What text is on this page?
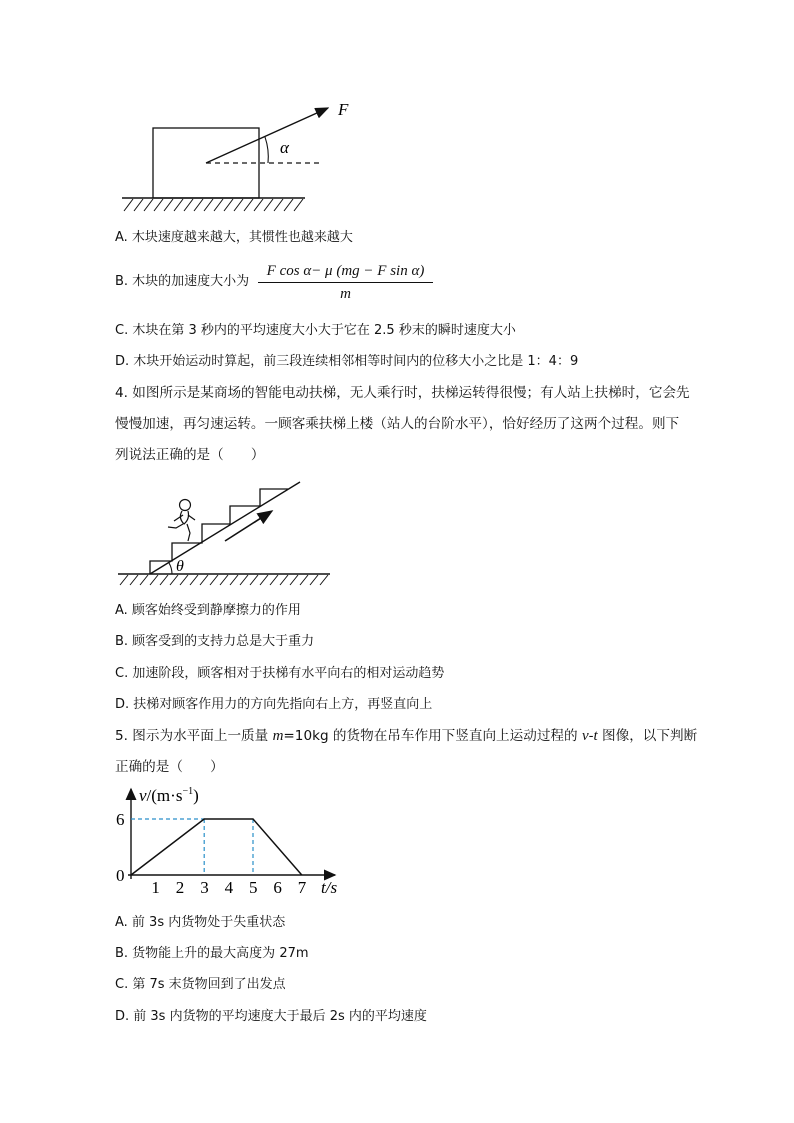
F
α
A. 木块速度越来越大，其惯性也越来越大
B. 木块的加速度大小为 $\frac{\text{F cos α− μ (mg − F sin α)}}{m}$
C. 木块在第 3 秒内的平均速度大小大于它在 2.5 秒末的瞬时速度大小
D. 木块开始运动时算起，前三段连续相邻相等时间内的位移大小之比是 1：4：9
4. 如图所示是某商场的智能电动扶梯，无人乘行时，扶梯运转得很慢；有人站上扶梯时，它会先
慢慢加速，再匀速运转。一顾客乘扶梯上楼（站人的台阶水平），恰好经历了这两个过程。则下
列说法正确的是（　　）
θ
A. 顾客始终受到静摩擦力的作用
B. 顾客受到的支持力总是大于重力
C. 加速阶段，顾客相对于扶梯有水平向右的相对运动趋势
D. 扶梯对顾客作用力的方向先指向右上方，再竖直向上
5. 图示为水平面上一质量 m=10kg 的货物在吊车作用下竖直向上运动过程的 v-t 图像，以下判断
正确的是（　　）
1 2 3 4 5 6 7
$v/(m\cdot s^{-1})$
t/s
0
6
A. 前 3s 内货物处于失重状态
B. 货物能上升的最大高度为 27m
C. 第 7s 末货物回到了出发点
D. 前 3s 内货物的平均速度大于最后 2s 内的平均速度
